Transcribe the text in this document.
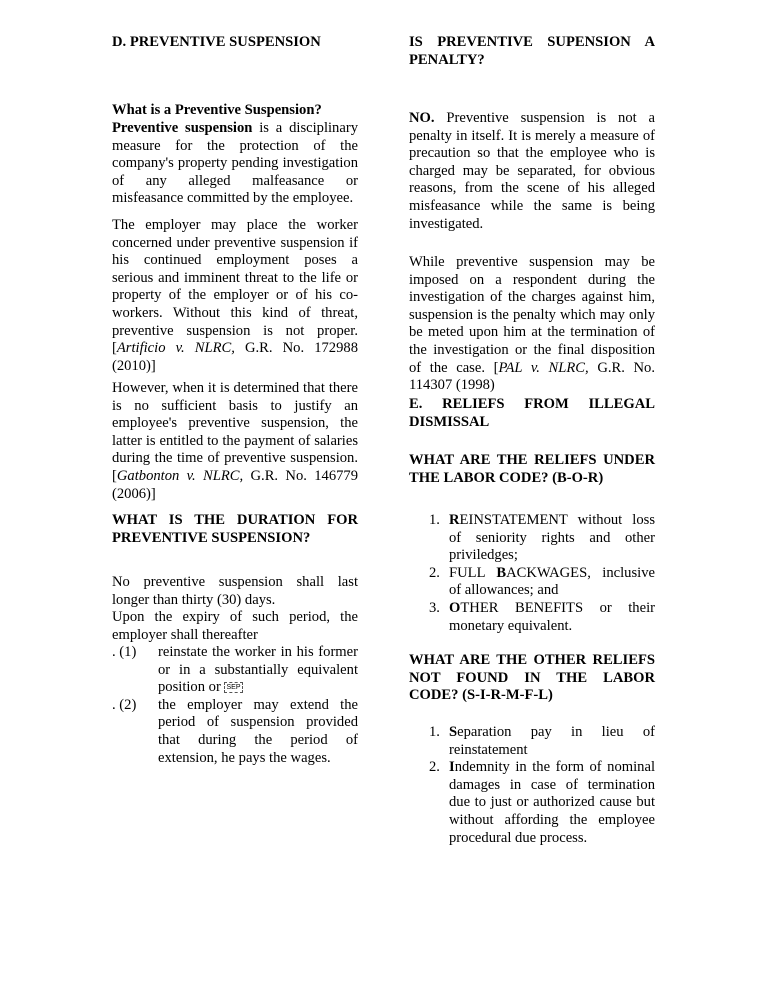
D. PREVENTIVE SUSPENSION

What is a Preventive Suspension?

Preventive suspension is a disciplinary measure for the protection of the company's property pending investigation of any alleged malfeasance or misfeasance committed by the employee.

The employer may place the worker concerned under preventive suspension if his continued employment poses a serious and imminent threat to the life or property of the employer or of his co-workers. Without this kind of threat, preventive suspension is not proper. [Artificio v. NLRC, G.R. No. 172988 (2010)]

However, when it is determined that there is no sufficient basis to justify an employee's preventive suspension, the latter is entitled to the payment of salaries during the time of preventive suspension.[Gatbonton v. NLRC, G.R. No. 146779 (2006)]

WHAT IS THE DURATION FOR PREVENTIVE SUSPENSION?

No preventive suspension shall last longer than thirty (30) days.

Upon the expiry of such period, the employer shall thereafter

. (1) reinstate the worker in his former or in a substantially equivalent position or SEP
. (2) the employer may extend the period of suspension provided that during the period of extension, he pays the wages.

IS PREVENTIVE SUPENSION A PENALTY?

NO. Preventive suspension is not a penalty in itself. It is merely a measure of precaution so that the employee who is charged may be separated, for obvious reasons, from the scene of his alleged misfeasance while the same is being investigated.

While preventive suspension may be imposed on a respondent during the investigation of the charges against him, suspension is the penalty which may only be meted upon him at the termination of the investigation or the final disposition of the case. [PAL v. NLRC, G.R. No. 114307 (1998)

E. RELIEFS FROM ILLEGAL DISMISSAL

WHAT ARE THE RELIEFS UNDER THE LABOR CODE? (B-O-R)

1. REINSTATEMENT without loss of seniority rights and other priviledges;
2. FULL BACKWAGES, inclusive of allowances; and
3. OTHER BENEFITS or their monetary equivalent.

WHAT ARE THE OTHER RELIEFS NOT FOUND IN THE LABOR CODE? (S-I-R-M-F-L)

1. Separation pay in lieu of reinstatement
2. Indemnity in the form of nominal damages in case of termination due to just or authorized cause but without affording the employee procedural due process.
